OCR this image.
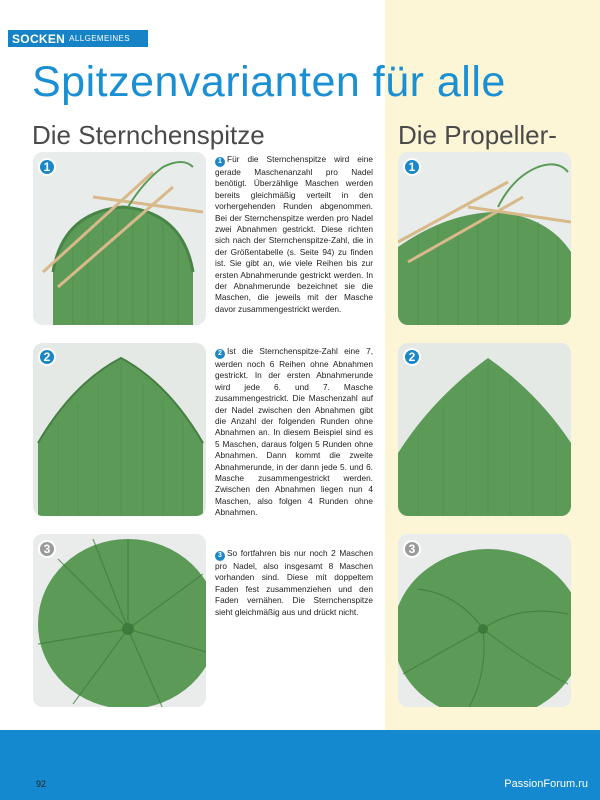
SOCKEN ALLGEMEINES
Spitzenvarianten für alle
Die Sternchenspitze	Die Propeller-
1
2
3
1
2
3

1 Für die Sternchenspitze wird eine gerade Maschenanzahl pro Nadel benötigt. Überzählige Maschen werden bereits gleichmäßig verteilt in den vorhergehenden Runden abgenommen. Bei der Sternchenspitze werden pro Nadel zwei Abnahmen gestrickt. Diese richten sich nach der Sternchenspitze-Zahl, die in der Größentabelle (s. Seite 94) zu finden ist. Sie gibt an, wie viele Reihen bis zur ersten Abnahmerunde gestrickt werden. In der Abnahmerunde bezeichnet sie die Maschen, die jeweils mit der Masche davor zusammengestrickt werden.

2 Ist die Sternchenspitze-Zahl eine 7, werden noch 6 Reihen ohne Abnahmen gestrickt. In der ersten Abnahmerunde wird jede 6. und 7. Masche zusammengestrickt. Die Maschenzahl auf der Nadel zwischen den Abnahmen gibt die Anzahl der folgenden Runden ohne Abnahmen an. In diesem Beispiel sind es 5 Maschen, daraus folgen 5 Runden ohne Abnahmen. Dann kommt die zweite Abnahmerunde, in der dann jede 5. und 6. Masche zusammengestrickt werden. Zwischen den Abnahmen liegen nun 4 Maschen, also folgen 4 Runden ohne Abnahmen.

3 So fortfahren bis nur noch 2 Maschen pro Nadel, also insgesamt 8 Maschen vorhanden sind. Diese mit doppeltem Faden fest zusammenziehen und den Faden vernähen. Die Sternchenspitze sieht gleichmäßig aus und drückt nicht.

92	PassionForum.ru
